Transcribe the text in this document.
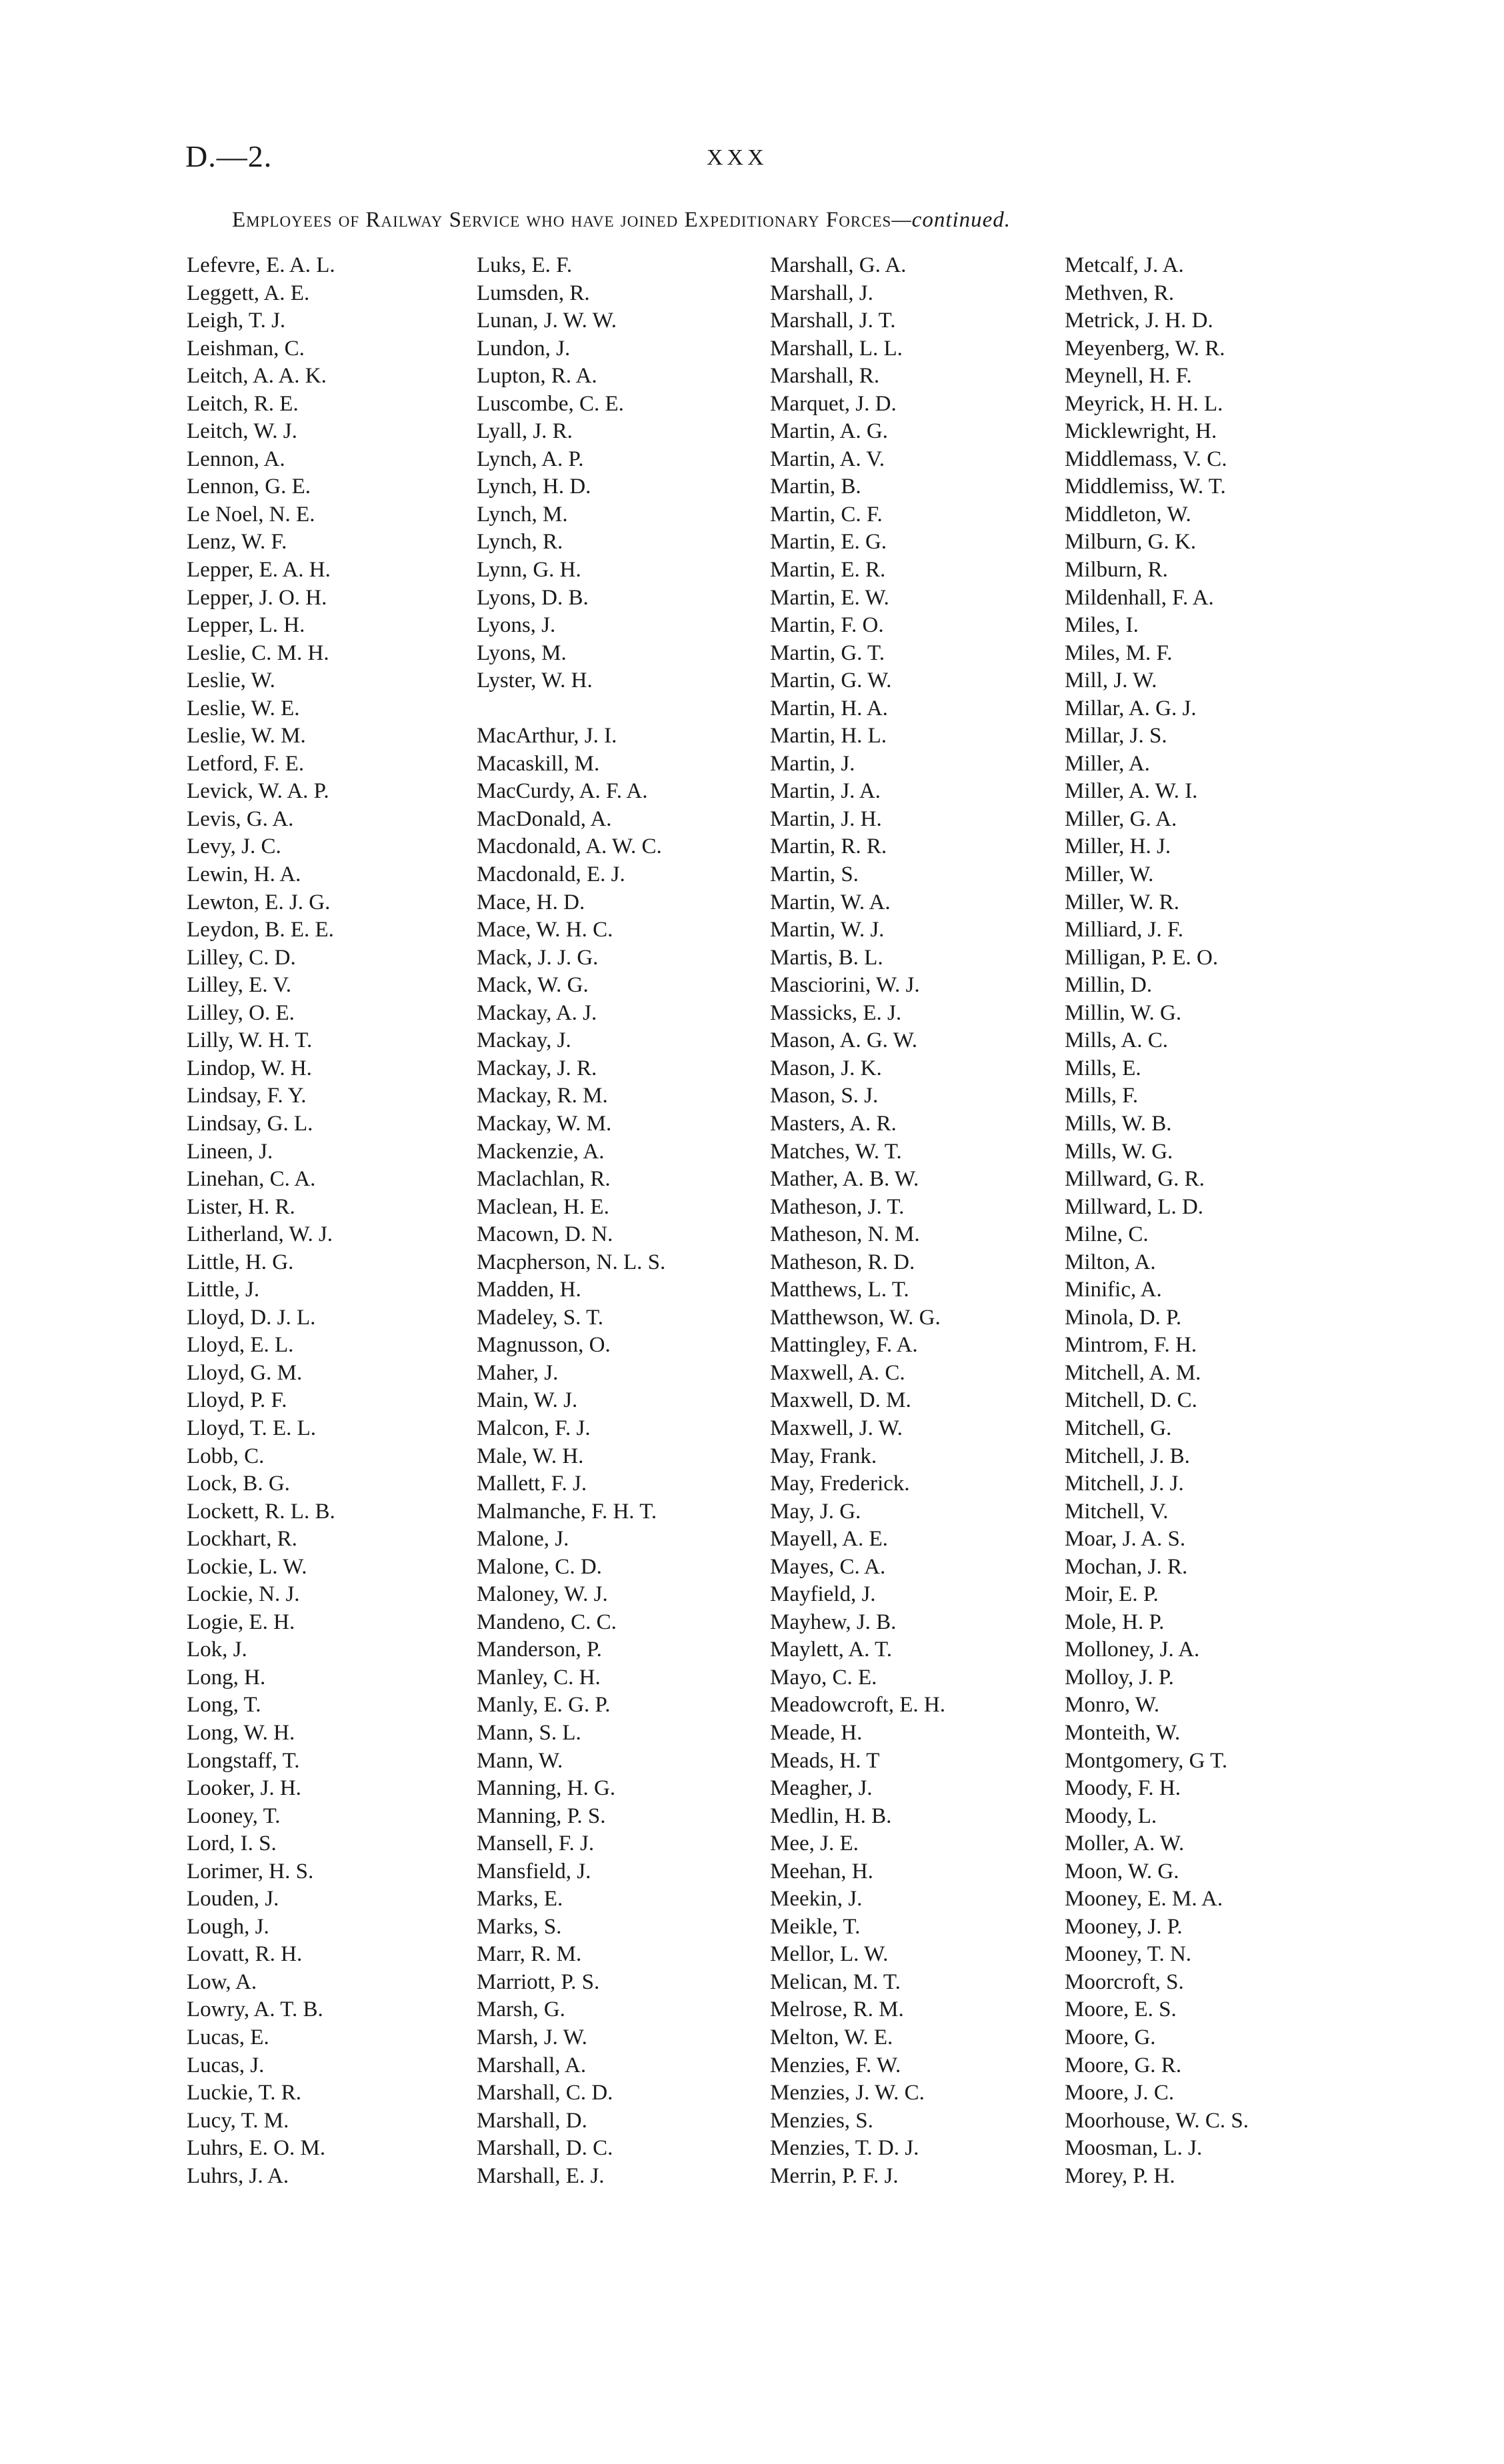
D.—2.	XXX
Employees of Railway Service who have joined Expeditionary Forces—continued.
Lefevre, E. A. L.
Leggett, A. E.
Leigh, T. J.
Leishman, C.
Leitch, A. A. K.
Leitch, R. E.
Leitch, W. J.
Lennon, A.
Lennon, G. E.
Le Noel, N. E.
Lenz, W. F.
Lepper, E. A. H.
Lepper, J. O. H.
Lepper, L. H.
Leslie, C. M. H.
Leslie, W.
Leslie, W. E.
Leslie, W. M.
Letford, F. E.
Levick, W. A. P.
Levis, G. A.
Levy, J. C.
Lewin, H. A.
Lewton, E. J. G.
Leydon, B. E. E.
Lilley, C. D.
Lilley, E. V.
Lilley, O. E.
Lilly, W. H. T.
Lindop, W. H.
Lindsay, F. Y.
Lindsay, G. L.
Lineen, J.
Linehan, C. A.
Lister, H. R.
Litherland, W. J.
Little, H. G.
Little, J.
Lloyd, D. J. L.
Lloyd, E. L.
Lloyd, G. M.
Lloyd, P. F.
Lloyd, T. E. L.
Lobb, C.
Lock, B. G.
Lockett, R. L. B.
Lockhart, R.
Lockie, L. W.
Lockie, N. J.
Logie, E. H.
Lok, J.
Long, H.
Long, T.
Long, W. H.
Longstaff, T.
Looker, J. H.
Looney, T.
Lord, I. S.
Lorimer, H. S.
Louden, J.
Lough, J.
Lovatt, R. H.
Low, A.
Lowry, A. T. B.
Lucas, E.
Lucas, J.
Luckie, T. R.
Lucy, T. M.
Luhrs, E. O. M.
Luhrs, J. A.
Luks, E. F.
Lumsden, R.
Lunan, J. W. W.
Lundon, J.
Lupton, R. A.
Luscombe, C. E.
Lyall, J. R.
Lynch, A. P.
Lynch, H. D.
Lynch, M.
Lynch, R.
Lynn, G. H.
Lyons, D. B.
Lyons, J.
Lyons, M.
Lyster, W. H.
MacArthur, J. I.
Macaskill, M.
MacCurdy, A. F. A.
MacDonald, A.
Macdonald, A. W. C.
Macdonald, E. J.
Mace, H. D.
Mace, W. H. C.
Mack, J. J. G.
Mack, W. G.
Mackay, A. J.
Mackay, J.
Mackay, J. R.
Mackay, R. M.
Mackay, W. M.
Mackenzie, A.
Maclachlan, R.
Maclean, H. E.
Macown, D. N.
Macpherson, N. L. S.
Madden, H.
Madeley, S. T.
Magnusson, O.
Maher, J.
Main, W. J.
Malcon, F. J.
Male, W. H.
Mallett, F. J.
Malmanche, F. H. T.
Malone, J.
Malone, C. D.
Maloney, W. J.
Mandeno, C. C.
Manderson, P.
Manley, C. H.
Manly, E. G. P.
Mann, S. L.
Mann, W.
Manning, H. G.
Manning, P. S.
Mansell, F. J.
Mansfield, J.
Marks, E.
Marks, S.
Marr, R. M.
Marriott, P. S.
Marsh, G.
Marsh, J. W.
Marshall, A.
Marshall, C. D.
Marshall, D.
Marshall, D. C.
Marshall, E. J.
Marshall, G. A.
Marshall, J.
Marshall, J. T.
Marshall, L. L.
Marshall, R.
Marquet, J. D.
Martin, A. G.
Martin, A. V.
Martin, B.
Martin, C. F.
Martin, E. G.
Martin, E. R.
Martin, E. W.
Martin, F. O.
Martin, G. T.
Martin, G. W.
Martin, H. A.
Martin, H. L.
Martin, J.
Martin, J. A.
Martin, J. H.
Martin, R. R.
Martin, S.
Martin, W. A.
Martin, W. J.
Martis, B. L.
Masciorini, W. J.
Massicks, E. J.
Mason, A. G. W.
Mason, J. K.
Mason, S. J.
Masters, A. R.
Matches, W. T.
Mather, A. B. W.
Matheson, J. T.
Matheson, N. M.
Matheson, R. D.
Matthews, L. T.
Matthewson, W. G.
Mattingley, F. A.
Maxwell, A. C.
Maxwell, D. M.
Maxwell, J. W.
May, Frank.
May, Frederick.
May, J. G.
Mayell, A. E.
Mayes, C. A.
Mayfield, J.
Mayhew, J. B.
Maylett, A. T.
Mayo, C. E.
Meadowcroft, E. H.
Meade, H.
Meads, H. T
Meagher, J.
Medlin, H. B.
Mee, J. E.
Meehan, H.
Meekin, J.
Meikle, T.
Mellor, L. W.
Melican, M. T.
Melrose, R. M.
Melton, W. E.
Menzies, F. W.
Menzies, J. W. C.
Menzies, S.
Menzies, T. D. J.
Merrin, P. F. J.
Metcalf, J. A.
Methven, R.
Metrick, J. H. D.
Meyenberg, W. R.
Meynell, H. F.
Meyrick, H. H. L.
Micklewright, H.
Middlemass, V. C.
Middlemiss, W. T.
Middleton, W.
Milburn, G. K.
Milburn, R.
Mildenhall, F. A.
Miles, I.
Miles, M. F.
Mill, J. W.
Millar, A. G. J.
Millar, J. S.
Miller, A.
Miller, A. W. I.
Miller, G. A.
Miller, H. J.
Miller, W.
Miller, W. R.
Milliard, J. F.
Milligan, P. E. O.
Millin, D.
Millin, W. G.
Mills, A. C.
Mills, E.
Mills, F.
Mills, W. B.
Mills, W. G.
Millward, G. R.
Millward, L. D.
Milne, C.
Milton, A.
Minific, A.
Minola, D. P.
Mintrom, F. H.
Mitchell, A. M.
Mitchell, D. C.
Mitchell, G.
Mitchell, J. B.
Mitchell, J. J.
Mitchell, V.
Moar, J. A. S.
Mochan, J. R.
Moir, E. P.
Mole, H. P.
Molloney, J. A.
Molloy, J. P.
Monro, W.
Monteith, W.
Montgomery, G T.
Moody, F. H.
Moody, L.
Moller, A. W.
Moon, W. G.
Mooney, E. M. A.
Mooney, J. P.
Mooney, T. N.
Moorcroft, S.
Moore, E. S.
Moore, G.
Moore, G. R.
Moore, J. C.
Moorhouse, W. C. S.
Moosman, L. J.
Morey, P. H.
